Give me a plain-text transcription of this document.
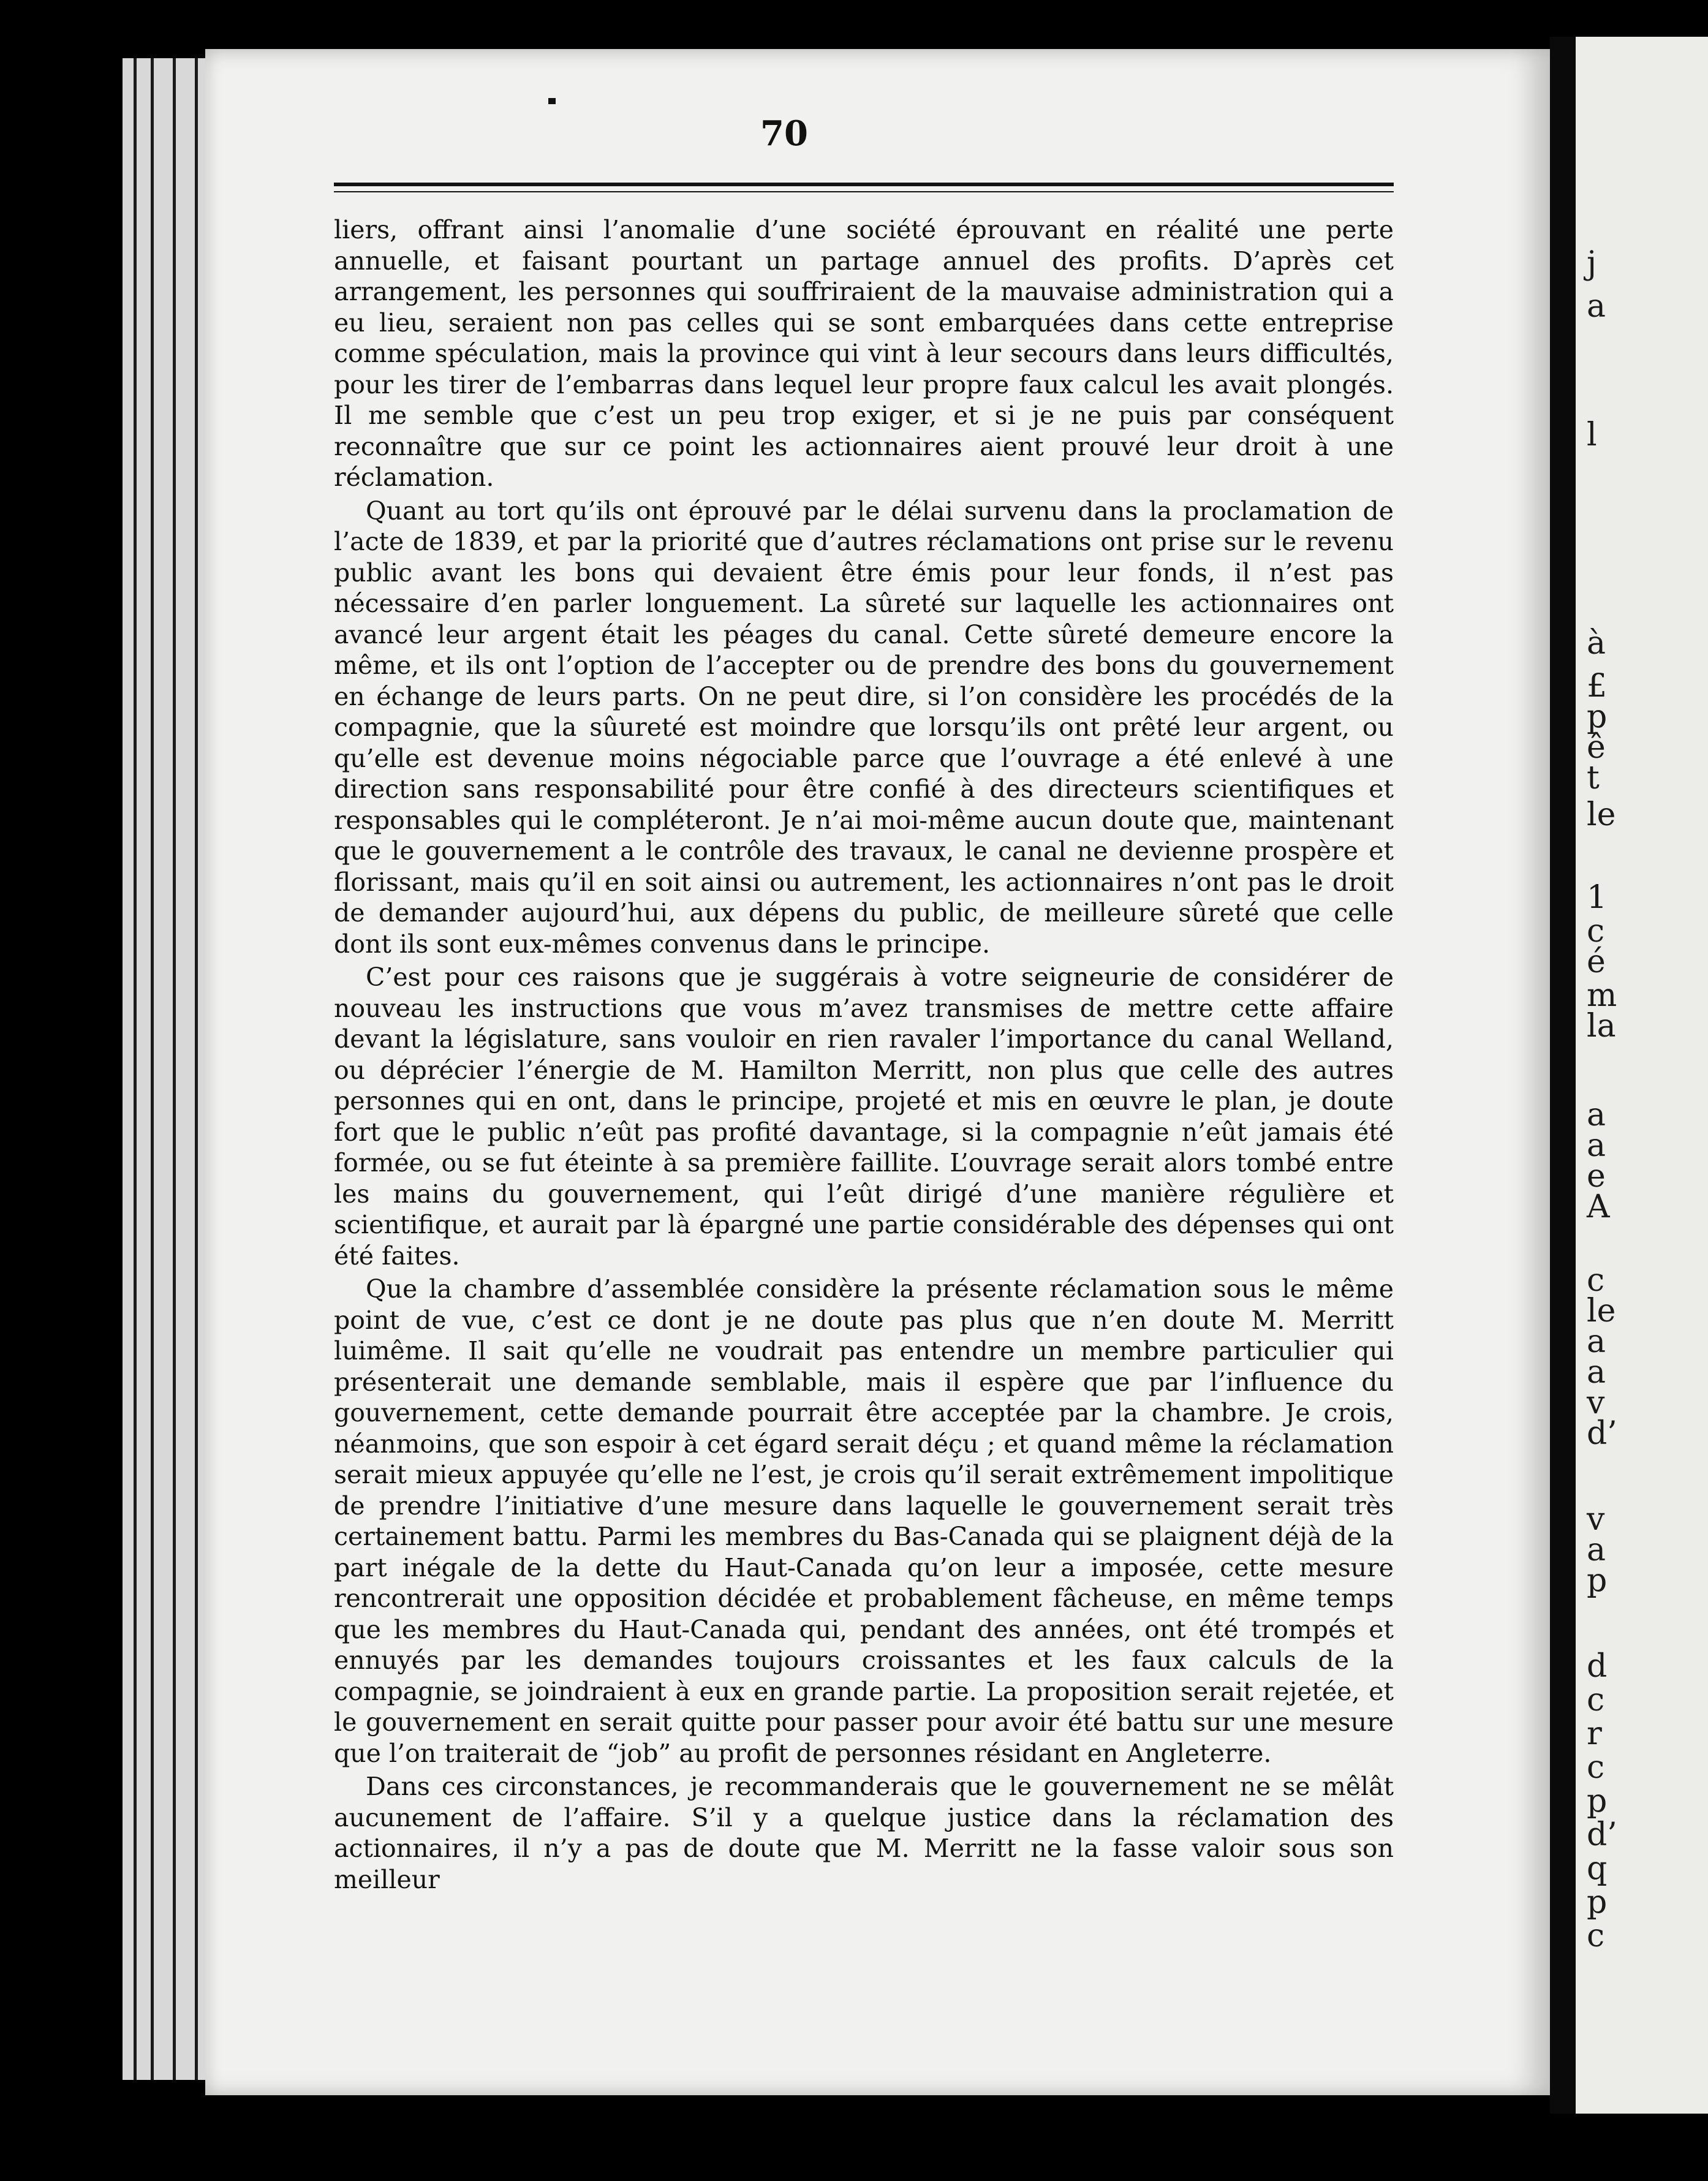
j
a
l
à
£
p
ê
t
le
1
c
é
m
la
a
a
e
A
c
le
a
a
v
d’
v
a
p
d
c
r
c
p
d’
q
p
c
70

liers, offrant ainsi l’anomalie d’une société éprouvant en réalité une perte annuelle, et faisant pourtant un partage annuel des profits. D’après cet arrangement, les personnes qui souffriraient de la mauvaise administration qui a eu lieu, seraient non pas celles qui se sont embarquées dans cette entreprise comme spéculation, mais la province qui vint à leur secours dans leurs difficultés, pour les tirer de l’embarras dans lequel leur propre faux calcul les avait plongés. Il me semble que c’est un peu trop exiger, et si je ne puis par conséquent reconnaître que sur ce point les actionnaires aient prouvé leur droit à une réclamation.

Quant au tort qu’ils ont éprouvé par le délai survenu dans la proclamation de l’acte de 1839, et par la priorité que d’autres réclamations ont prise sur le revenu public avant les bons qui devaient être émis pour leur fonds, il n’est pas nécessaire d’en parler longuement. La sûreté sur laquelle les actionnaires ont avancé leur argent était les péages du canal. Cette sûreté demeure encore la même, et ils ont l’option de l’accepter ou de prendre des bons du gouvernement en échange de leurs parts. On ne peut dire, si l’on considère les procédés de la compagnie, que la sûureté est moindre que lorsqu’ils ont prêté leur argent, ou qu’elle est devenue moins négociable parce que l’ouvrage a été enlevé à une direction sans responsabilité pour être confié à des directeurs scientifiques et responsables qui le compléteront. Je n’ai moi-même aucun doute que, maintenant que le gouvernement a le contrôle des travaux, le canal ne devienne prospère et florissant, mais qu’il en soit ainsi ou autrement, les actionnaires n’ont pas le droit de demander aujourd’hui, aux dépens du public, de meilleure sûreté que celle dont ils sont eux-mêmes convenus dans le principe.

C’est pour ces raisons que je suggérais à votre seigneurie de considérer de nouveau les instructions que vous m’avez transmises de mettre cette affaire devant la législature, sans vouloir en rien ravaler l’importance du canal Welland, ou déprécier l’énergie de M. Hamilton Merritt, non plus que celle des autres personnes qui en ont, dans le principe, projeté et mis en œuvre le plan, je doute fort que le public n’eût pas profité davantage, si la compagnie n’eût jamais été formée, ou se fut éteinte à sa première faillite. L’ouvrage serait alors tombé entre les mains du gouvernement, qui l’eût dirigé d’une manière régulière et scientifique, et aurait par là épargné une partie considérable des dépenses qui ont été faites.

Que la chambre d’assemblée considère la présente réclamation sous le même point de vue, c’est ce dont je ne doute pas plus que n’en doute M. Merritt luimême. Il sait qu’elle ne voudrait pas entendre un membre particulier qui présenterait une demande semblable, mais il espère que par l’influence du gouvernement, cette demande pourrait être acceptée par la chambre. Je crois, néanmoins, que son espoir à cet égard serait déçu ; et quand même la réclamation serait mieux appuyée qu’elle ne l’est, je crois qu’il serait extrêmement impolitique de prendre l’initiative d’une mesure dans laquelle le gouvernement serait très certainement battu. Parmi les membres du Bas-Canada qui se plaignent déjà de la part inégale de la dette du Haut-Canada qu’on leur a imposée, cette mesure rencontrerait une opposition décidée et probablement fâcheuse, en même temps que les membres du Haut-Canada qui, pendant des années, ont été trompés et ennuyés par les demandes toujours croissantes et les faux calculs de la compagnie, se joindraient à eux en grande partie. La proposition serait rejetée, et le gouvernement en serait quitte pour passer pour avoir été battu sur une mesure que l’on traiterait de “job” au profit de personnes résidant en Angleterre.

Dans ces circonstances, je recommanderais que le gouvernement ne se mêlât aucunement de l’affaire. S’il y a quelque justice dans la réclamation des actionnaires, il n’y a pas de doute que M. Merritt ne la fasse valoir sous son meilleur
